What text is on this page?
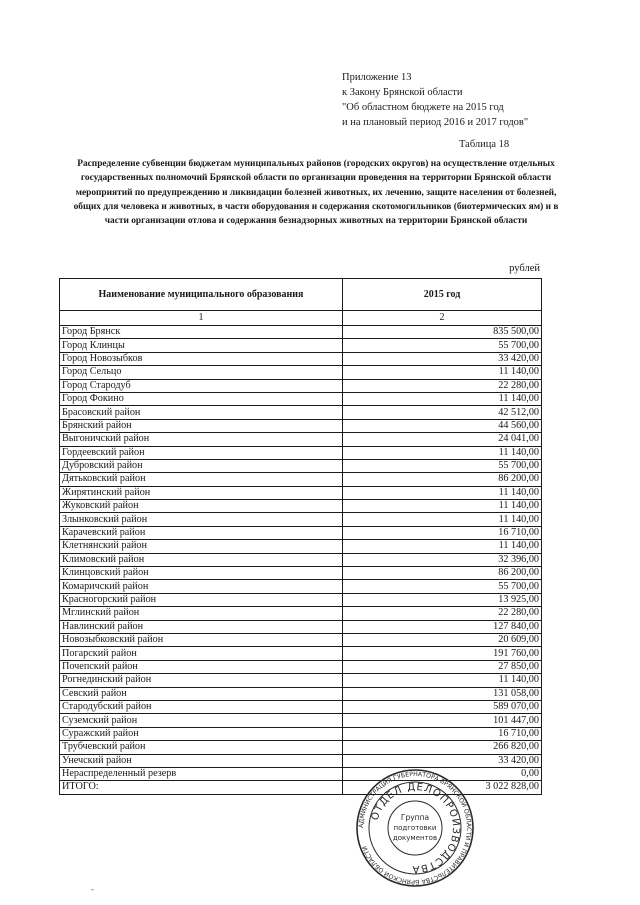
Приложение 13
к Закону Брянской области
"Об областном бюджете на 2015 год
и на плановый период 2016 и 2017 годов"
Таблица 18
Распределение субвенции бюджетам муниципальных районов (городских округов) на осуществление отдельных государственных полномочий Брянской области по организации проведения на территории Брянской области мероприятий по предупреждению и ликвидации болезней животных, их лечению, защите населения от болезней, общих для человека и животных, в части оборудования и содержания скотомогильников (биотермических ям) и в части организации отлова и содержания безнадзорных животных на территории Брянской области
рублей
Наименование муниципального образования	2015 год
1	2
Город Брянск	835 500,00
Город Клинцы	55 700,00
Город Новозыбков	33 420,00
Город Сельцо	11 140,00
Город Стародуб	22 280,00
Город Фокино	11 140,00
Брасовский район	42 512,00
Брянский район	44 560,00
Выгоничский район	24 041,00
Гордеевский район	11 140,00
Дубровский район	55 700,00
Дятьковский район	86 200,00
Жирятинский район	11 140,00
Жуковский район	11 140,00
Злынковский район	11 140,00
Карачевский район	16 710,00
Клетнянский район	11 140,00
Климовский район	32 396,00
Клинцовский район	86 200,00
Комаричский район	55 700,00
Красногорский район	13 925,00
Мглинский район	22 280,00
Навлинский район	127 840,00
Новозыбковский район	20 609,00
Погарский район	191 760,00
Почепский район	27 850,00
Рогнединский район	11 140,00
Севский район	131 058,00
Стародубский район	589 070,00
Суземский район	101 447,00
Суражский район	16 710,00
Трубчевский район	266 820,00
Унечский район	33 420,00
Нераспределенный резерв	0,00
ИТОГО:	3 022 828,00
АДМИНИСТРАЦИЯ ГУБЕРНАТОРА БРЯНСКОЙ ОБЛАСТИ И ПРАВИТЕЛЬСТВА БРЯНСКОЙ ОБЛАСТИ
ОТДЕЛ ДЕЛОПРОИЗВОДСТВА
Группа
подготовки
документов
-
